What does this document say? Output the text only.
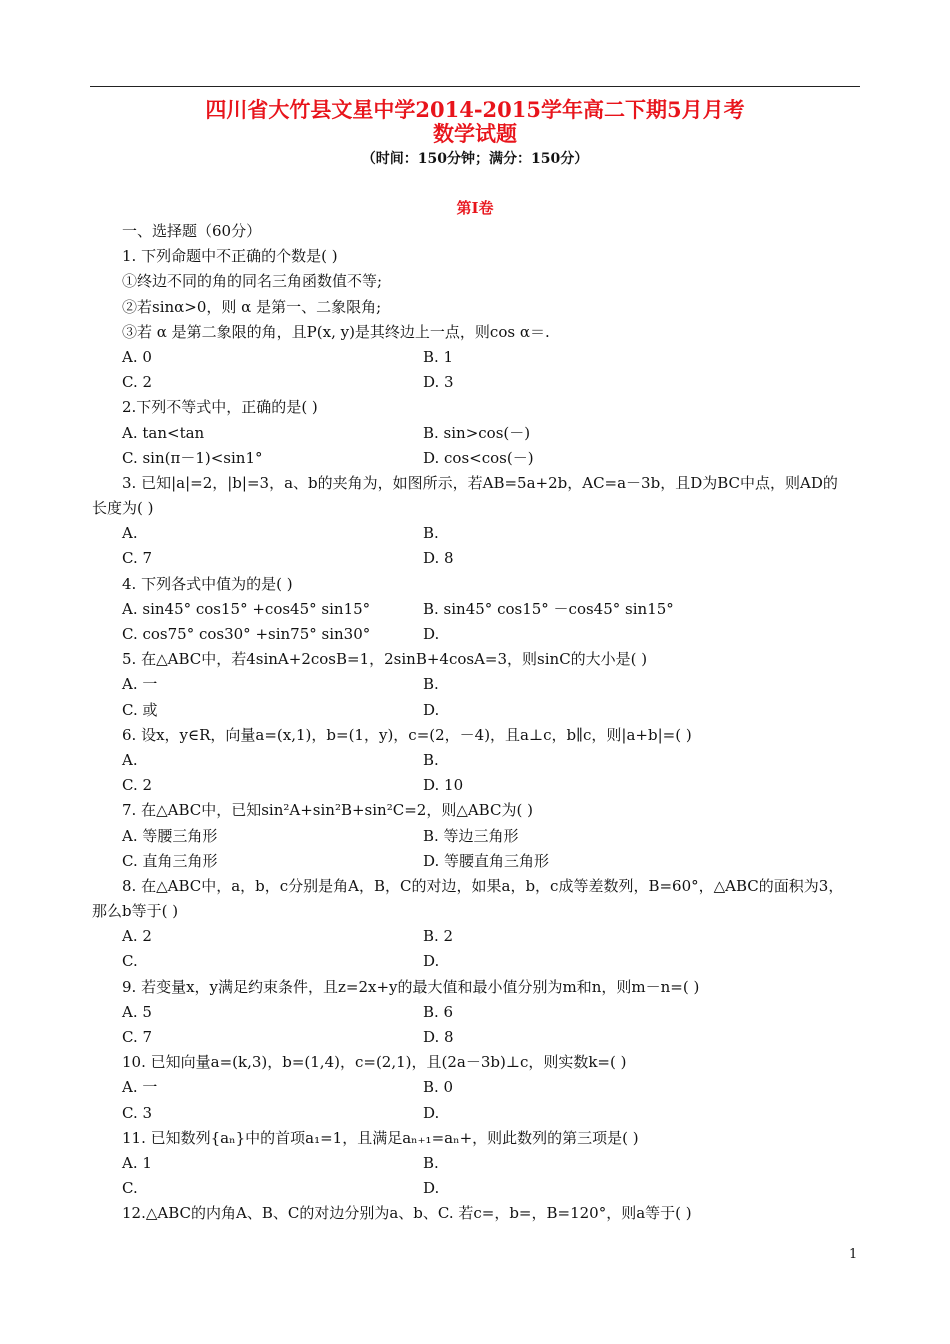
四川省大竹县文星中学2014-2015学年高二下期5月月考
数学试题
（时间：150分钟；满分：150分）
第Ⅰ卷
一、选择题（60分）
1. 下列命题中不正确的个数是( )
①终边不同的角的同名三角函数值不等;
②若sinα>0，则 α 是第一、二象限角;
③若 α 是第二象限的角，且P(x, y)是其终边上一点，则cos α＝.
A. 0	B. 1
C. 2	D. 3
2.下列不等式中，正确的是( )
A. tan<tan	B. sin>cos(－)
C. sin(π－1)<sin1°	D. cos<cos(－)
3. 已知|a|=2，|b|=3，a、b的夹角为，如图所示，若AB=5a+2b，AC=a－3b，且D为BC中点，则AD的
长度为( )
A.	B.
C. 7	D. 8
4. 下列各式中值为的是( )
A. sin45° cos15° +cos45° sin15°	B. sin45° cos15° －cos45° sin15°
C. cos75° cos30° +sin75° sin30°	D.
5. 在△ABC中，若4sinA+2cosB=1，2sinB+4cosA=3，则sinC的大小是( )
A. 一	B.
C. 或	D.
6. 设x，y∈R，向量a=(x,1)，b=(1，y)，c=(2，－4)，且a⊥c，b∥c，则|a+b|=( )
A.	B.
C. 2	D. 10
7. 在△ABC中，已知sin²A+sin²B+sin²C=2，则△ABC为( )
A. 等腰三角形	B. 等边三角形
C. 直角三角形	D. 等腰直角三角形
8. 在△ABC中，a，b，c分别是角A，B，C的对边，如果a，b，c成等差数列，B=60°，△ABC的面积为3，
那么b等于( )
A. 2	B. 2
C.	D.
9. 若变量x，y满足约束条件，且z=2x+y的最大值和最小值分别为m和n，则m－n=( )
A. 5	B. 6
C. 7	D. 8
10. 已知向量a=(k,3)，b=(1,4)，c=(2,1)，且(2a－3b)⊥c，则实数k=( )
A. 一	B. 0
C. 3	D.
11. 已知数列{aₙ}中的首项a₁=1，且满足aₙ₊₁=aₙ+，则此数列的第三项是( )
A. 1	B.
C.	D.
12.△ABC的内角A、B、C的对边分别为a、b、C. 若c=，b=，B=120°，则a等于( )
1
